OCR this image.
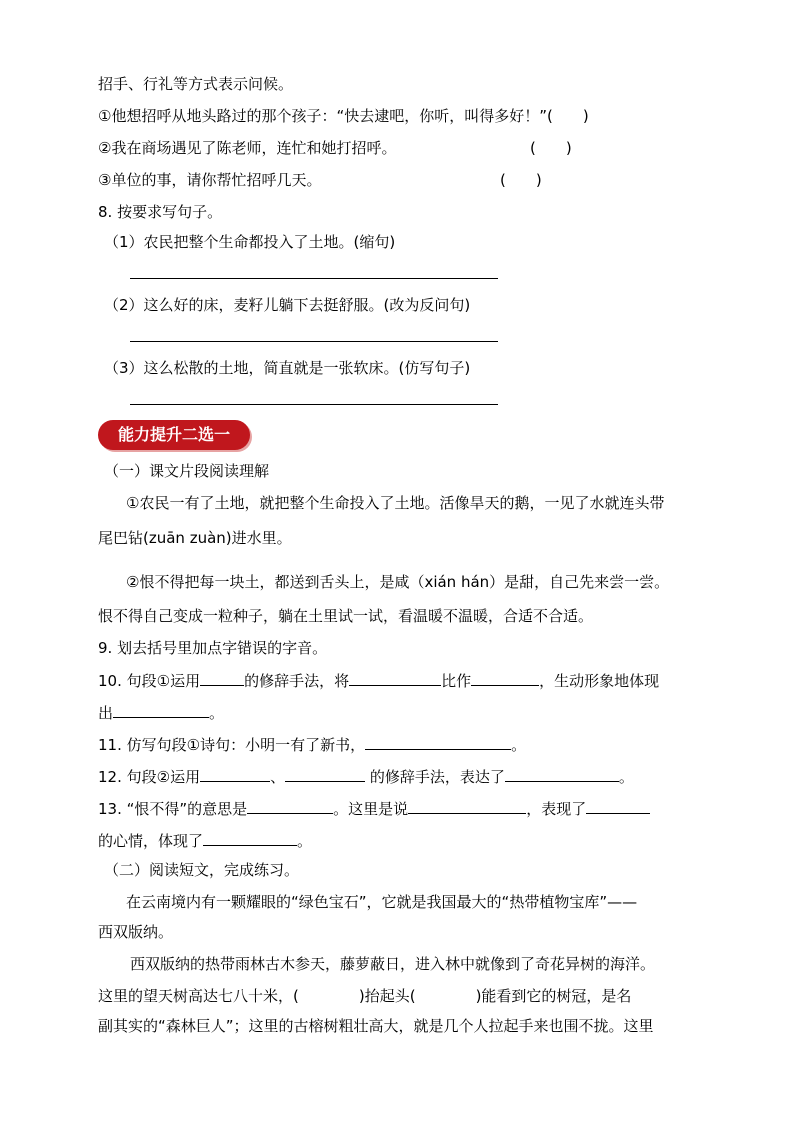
招手、行礼等方式表示问候。
①他想招呼从地头路过的那个孩子：“快去逮吧，你听，叫得多好！”( )
②我在商场遇见了陈老师，连忙和她打招呼。	( )
③单位的事，请你帮忙招呼几天。	( )
8. 按要求写句子。
（1）农民把整个生命都投入了土地。(缩句)
（2）这么好的床，麦籽儿躺下去挺舒服。(改为反问句)
（3）这么松散的土地，简直就是一张软床。(仿写句子)
能力提升二选一
（一）课文片段阅读理解
①农民一有了土地，就把整个生命投入了土地。活像旱天的鹅，一见了水就连头带
尾巴钻(zuān zuàn)进水里。
②恨不得把每一块土，都送到舌头上，是咸（xián hán）是甜，自己先来尝一尝。
恨不得自己变成一粒种子，躺在土里试一试，看温暖不温暖，合适不合适。
9. 划去括号里加点字错误的字音。
10. 句段①运用	的修辞手法，将	比作	，生动形象地体现
出	。
11. 仿写句段①诗句：小明一有了新书，	。
12. 句段②运用	、	的修辞手法，表达了	。
13. “恨不得”的意思是	。这里是说	，表现了
的心情，体现了	。
（二）阅读短文，完成练习。
在云南境内有一颗耀眼的“绿色宝石”，它就是我国最大的“热带植物宝库”——
西双版纳。
西双版纳的热带雨林古木参天，藤萝蔽日，进入林中就像到了奇花异树的海洋。
这里的望天树高达七八十米，(	)抬起头(	)能看到它的树冠，是名
副其实的“森林巨人”；这里的古榕树粗壮高大，就是几个人拉起手来也围不拢。这里
